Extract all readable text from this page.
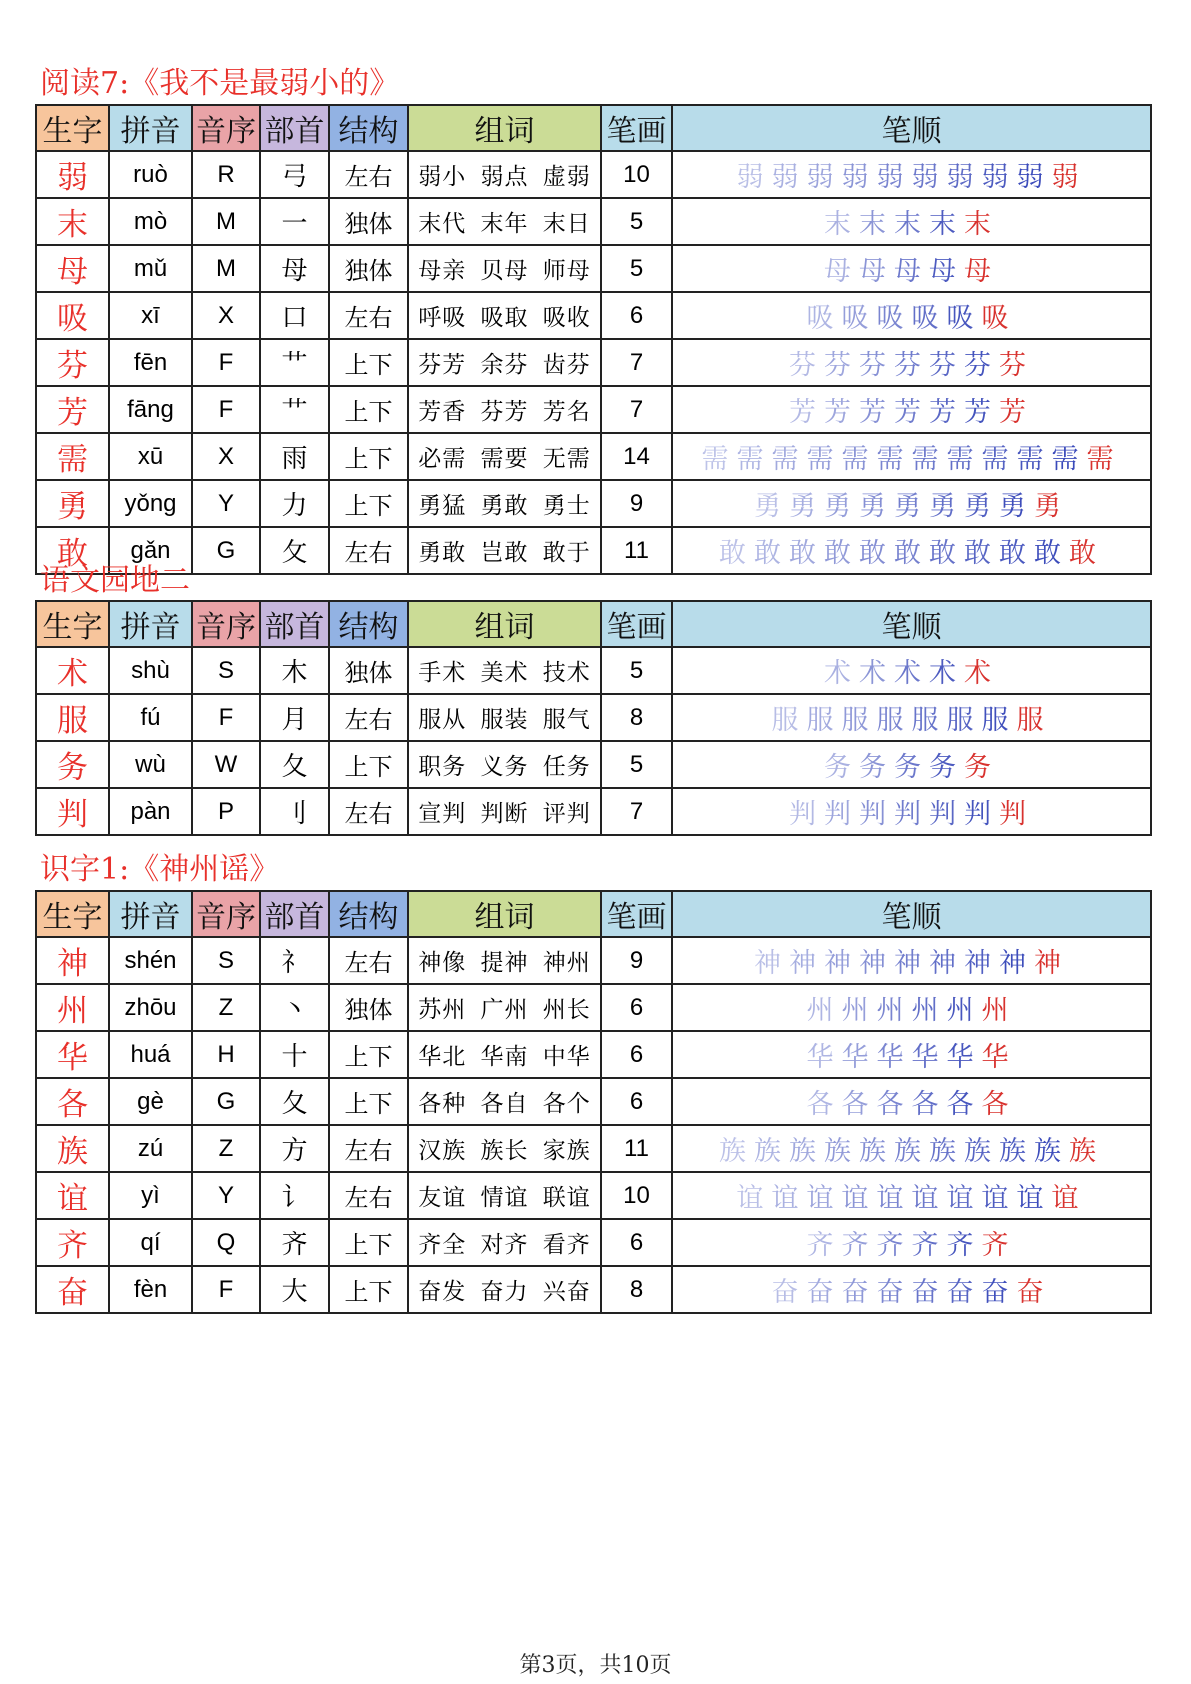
阅读7:《我不是最弱小的》
生字	拼音	音序	部首	结构	组词	笔画	笔顺
弱	ruò	R	弓	左右	弱小 弱点 虚弱	10	弱 弱 弱 弱 弱 弱 弱 弱 弱 弱
末	mò	M	一	独体	末代 末年 末日	5	末 末 末 末 末
母	mǔ	M	母	独体	母亲 贝母 师母	5	母 母 母 母 母
吸	xī	X	口	左右	呼吸 吸取 吸收	6	吸 吸 吸 吸 吸 吸
芬	fēn	F	艹	上下	芬芳 余芬 齿芬	7	芬 芬 芬 芬 芬 芬 芬
芳	fāng	F	艹	上下	芳香 芬芳 芳名	7	芳 芳 芳 芳 芳 芳 芳
需	xū	X	雨	上下	必需 需要 无需	14	需 需 需 需 需 需 需 需 需 需 需 需
勇	yǒng	Y	力	上下	勇猛 勇敢 勇士	9	勇 勇 勇 勇 勇 勇 勇 勇 勇
敢	gǎn	G	攵	左右	勇敢 岂敢 敢于	11	敢 敢 敢 敢 敢 敢 敢 敢 敢 敢 敢
语文园地二
生字	拼音	音序	部首	结构	组词	笔画	笔顺
术	shù	S	木	独体	手术 美术 技术	5	术 术 术 术 术
服	fú	F	月	左右	服从 服装 服气	8	服 服 服 服 服 服 服 服
务	wù	W	夂	上下	职务 义务 任务	5	务 务 务 务 务
判	pàn	P	刂	左右	宣判 判断 评判	7	判 判 判 判 判 判 判
识字1:《神州谣》
生字	拼音	音序	部首	结构	组词	笔画	笔顺
神	shén	S	礻	左右	神像 提神 神州	9	神 神 神 神 神 神 神 神 神
州	zhōu	Z	丶	独体	苏州 广州 州长	6	州 州 州 州 州 州
华	huá	H	十	上下	华北 华南 中华	6	华 华 华 华 华 华
各	gè	G	夂	上下	各种 各自 各个	6	各 各 各 各 各 各
族	zú	Z	方	左右	汉族 族长 家族	11	族 族 族 族 族 族 族 族 族 族 族
谊	yì	Y	讠	左右	友谊 情谊 联谊	10	谊 谊 谊 谊 谊 谊 谊 谊 谊 谊
齐	qí	Q	齐	上下	齐全 对齐 看齐	6	齐 齐 齐 齐 齐 齐
奋	fèn	F	大	上下	奋发 奋力 兴奋	8	奋 奋 奋 奋 奋 奋 奋 奋
第3页，共10页
